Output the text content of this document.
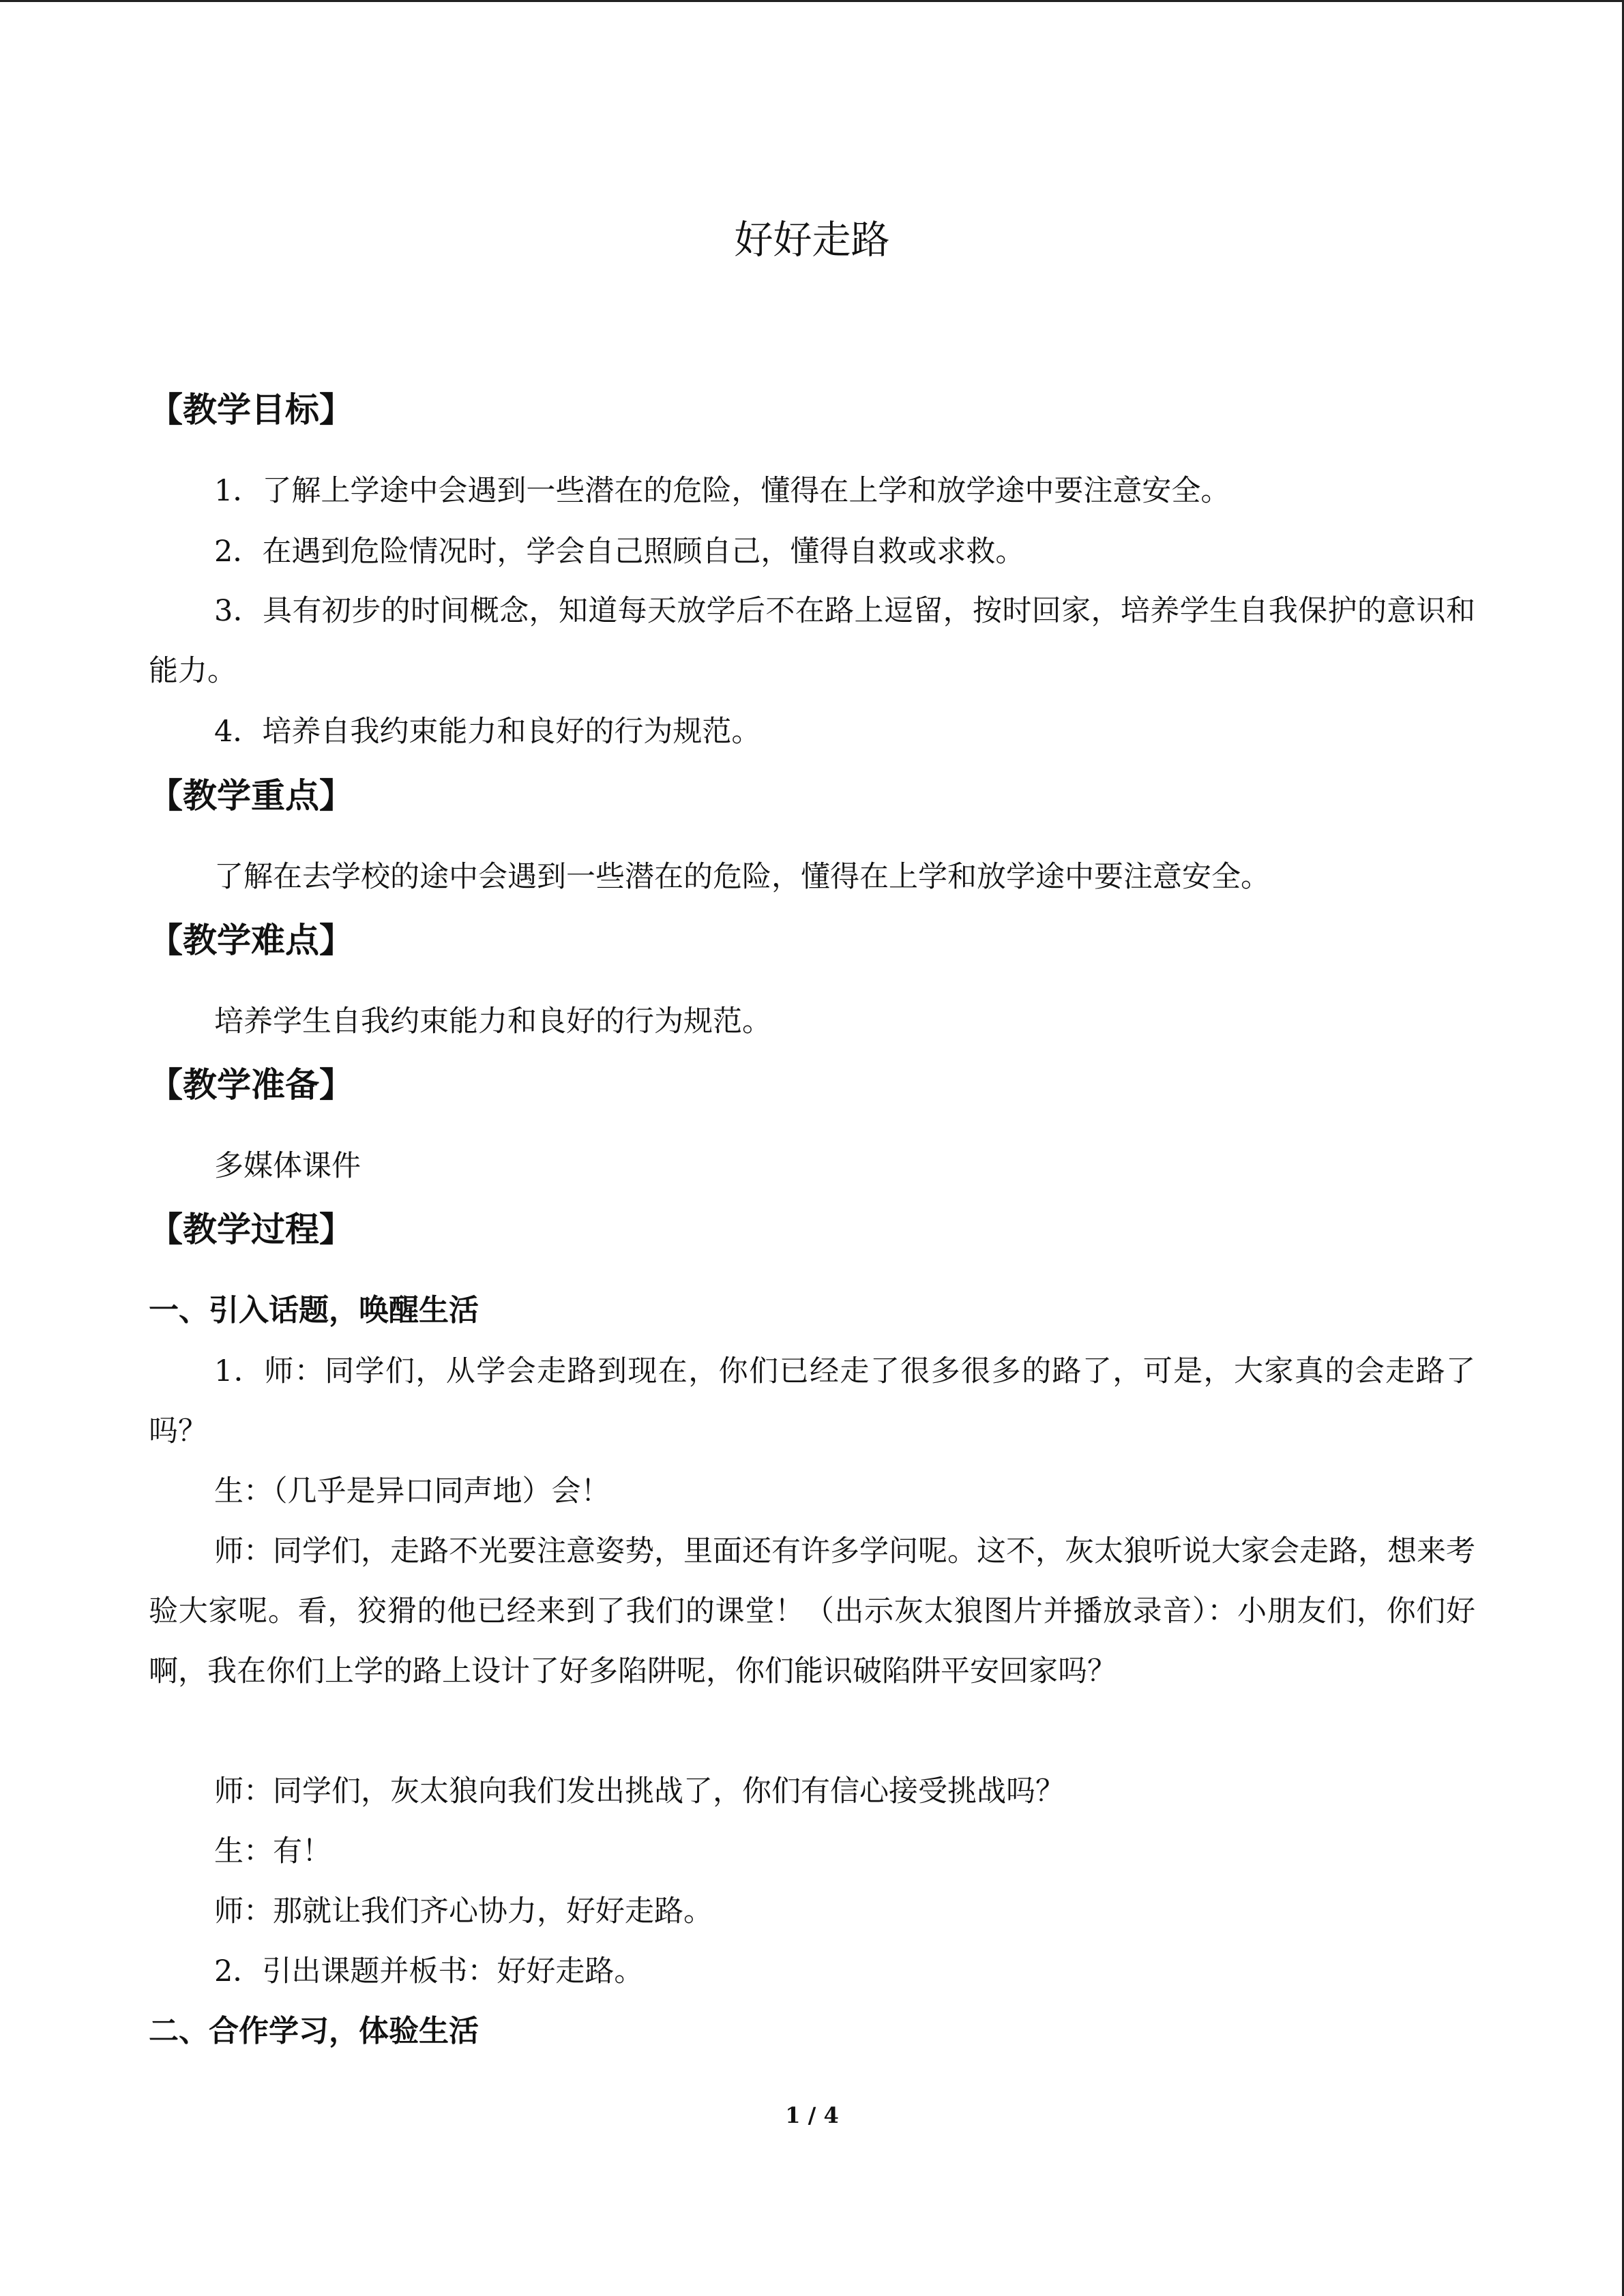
好好走路
【教学目标】

1．了解上学途中会遇到一些潜在的危险，懂得在上学和放学途中要注意安全。

2．在遇到危险情况时，学会自己照顾自己，懂得自救或求救。

3．具有初步的时间概念，知道每天放学后不在路上逗留，按时回家，培养学生自我保护的意识和能力。

4．培养自我约束能力和良好的行为规范。

【教学重点】

了解在去学校的途中会遇到一些潜在的危险，懂得在上学和放学途中要注意安全。

【教学难点】

培养学生自我约束能力和良好的行为规范。

【教学准备】

多媒体课件

【教学过程】
一、引入话题，唤醒生活

1．师：同学们，从学会走路到现在，你们已经走了很多很多的路了，可是，大家真的会走路了吗？

生：（几乎是异口同声地）会！

师：同学们，走路不光要注意姿势，里面还有许多学问呢。这不，灰太狼听说大家会走路，想来考验大家呢。看，狡猾的他已经来到了我们的课堂！（出示灰太狼图片并播放录音）：小朋友们，你们好啊，我在你们上学的路上设计了好多陷阱呢，你们能识破陷阱平安回家吗？

师：同学们，灰太狼向我们发出挑战了，你们有信心接受挑战吗？

生：有！

师：那就让我们齐心协力，好好走路。

2．引出课题并板书：好好走路。

二、合作学习，体验生活
1 / 4
